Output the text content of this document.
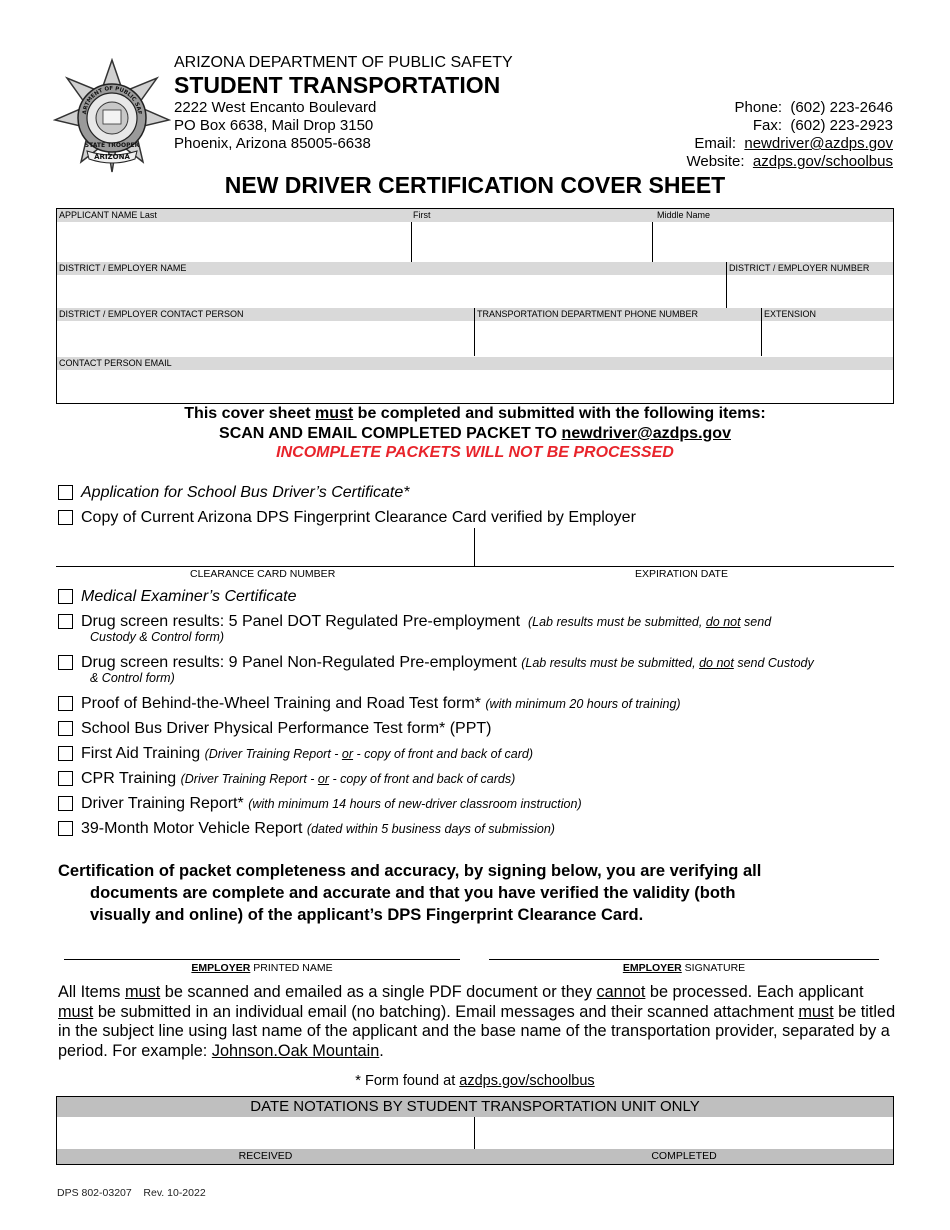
ARTMENT OF PUBLIC SAF
STATE TROOPER
ARIZONA
ARIZONA DEPARTMENT OF PUBLIC SAFETY
STUDENT TRANSPORTATION
2222 West Encanto Boulevard
PO Box 6638, Mail Drop 3150
Phoenix, Arizona 85005-6638
Phone: (602) 223-2646
Fax: (602) 223-2923
Email: newdriver@azdps.gov
Website: azdps.gov/schoolbus
NEW DRIVER CERTIFICATION COVER SHEET
APPLICANT NAME Last	First	Middle Name
DISTRICT / EMPLOYER NAME	DISTRICT / EMPLOYER NUMBER
DISTRICT / EMPLOYER CONTACT PERSON	TRANSPORTATION DEPARTMENT PHONE NUMBER	EXTENSION
CONTACT PERSON EMAIL
This cover sheet must be completed and submitted with the following items:
SCAN AND EMAIL COMPLETED PACKET TO newdriver@azdps.gov
INCOMPLETE PACKETS WILL NOT BE PROCESSED
Application for School Bus Driver’s Certificate*
Copy of Current Arizona DPS Fingerprint Clearance Card verified by Employer
CLEARANCE CARD NUMBER	EXPIRATION DATE
Medical Examiner’s Certificate
Drug screen results: 5 Panel DOT Regulated Pre-employment (Lab results must be submitted, do not send
Custody & Control form)
Drug screen results: 9 Panel Non-Regulated Pre-employment (Lab results must be submitted, do not send Custody
& Control form)
Proof of Behind-the-Wheel Training and Road Test form* (with minimum 20 hours of training)
School Bus Driver Physical Performance Test form* (PPT)
First Aid Training (Driver Training Report - or - copy of front and back of card)
CPR Training (Driver Training Report - or - copy of front and back of cards)
Driver Training Report* (with minimum 14 hours of new-driver classroom instruction)
39-Month Motor Vehicle Report (dated within 5 business days of submission)
Certification of packet completeness and accuracy, by signing below, you are verifying all
documents are complete and accurate and that you have verified the validity (both
visually and online) of the applicant’s DPS Fingerprint Clearance Card.
EMPLOYER PRINTED NAME	EMPLOYER SIGNATURE
All Items must be scanned and emailed as a single PDF document or they cannot be processed. Each applicant must be submitted in an individual email (no batching). Email messages and their scanned attachment must be titled in the subject line using last name of the applicant and the base name of the transportation provider, separated by a period. For example: Johnson.Oak Mountain.
* Form found at azdps.gov/schoolbus
DATE NOTATIONS BY STUDENT TRANSPORTATION UNIT ONLY
RECEIVED	COMPLETED
DPS 802-03207 Rev. 10-2022
